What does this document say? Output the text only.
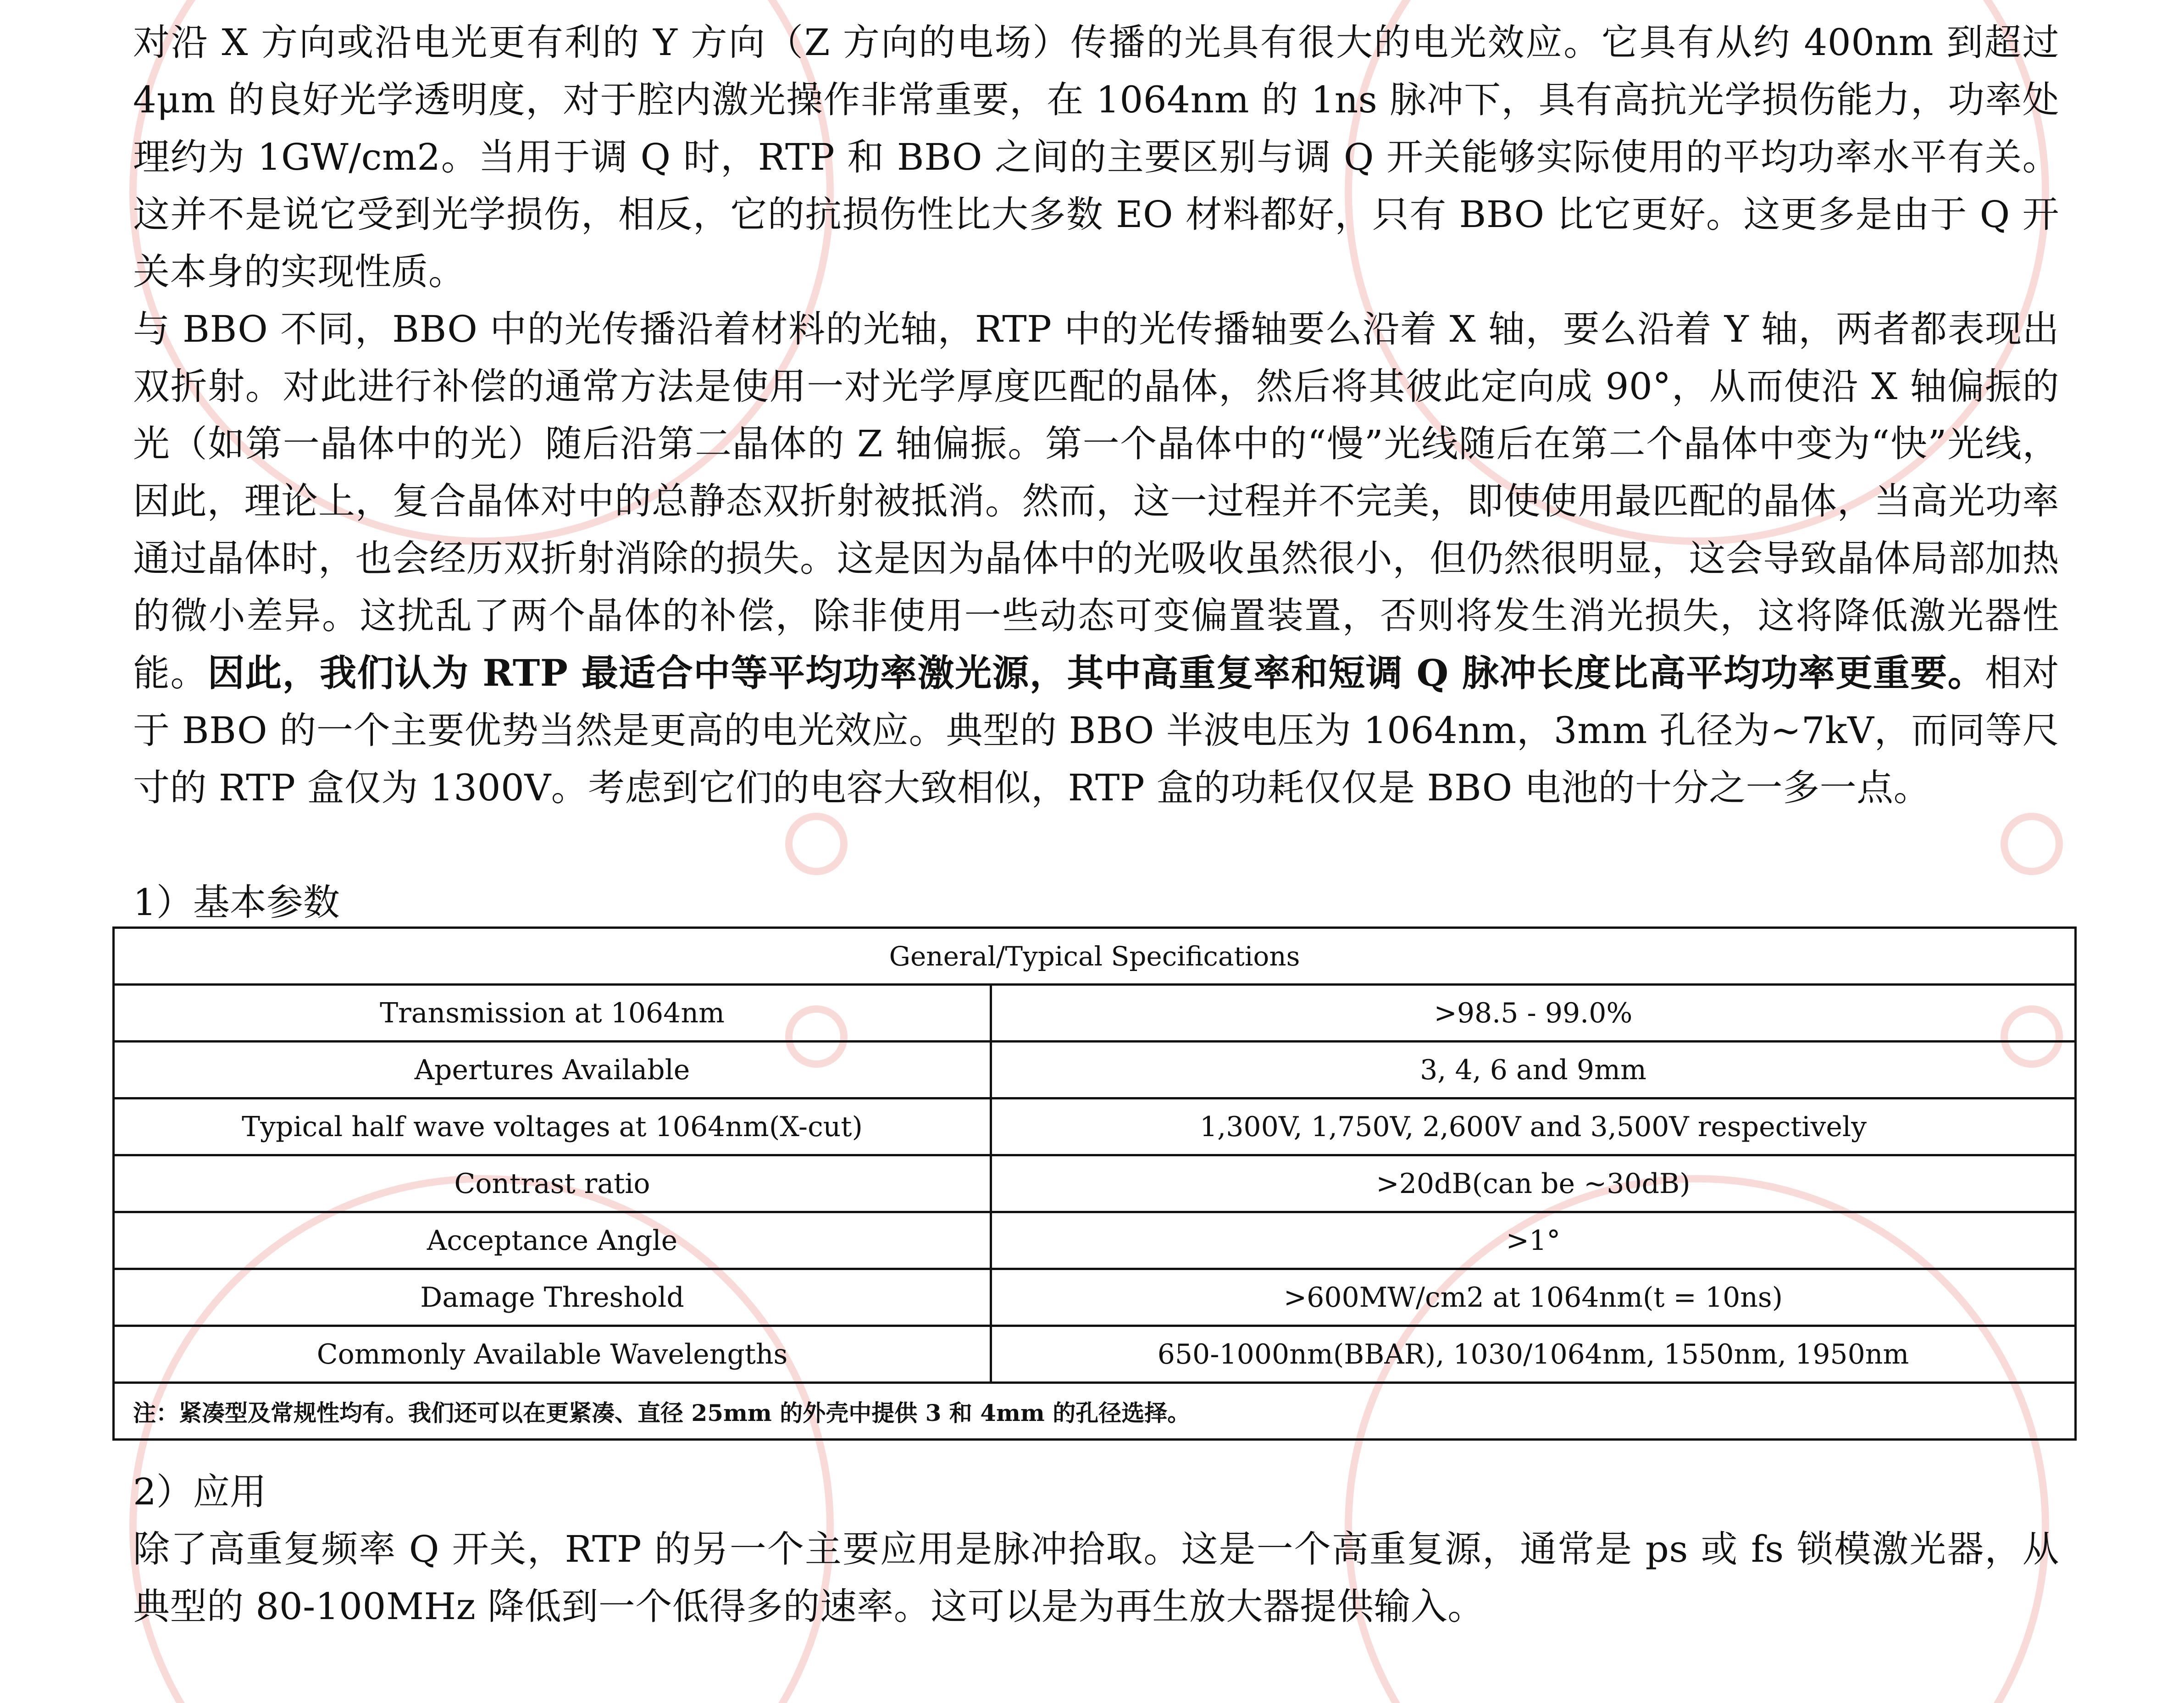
对沿 X 方向或沿电光更有利的 Y 方向（Z 方向的电场）传播的光具有很大的电光效应。它具有从约 400nm 到超过 4μm 的良好光学透明度，对于腔内激光操作非常重要，在 1064nm 的 1ns 脉冲下，具有高抗光学损伤能力，功率处理约为 1GW/cm2。当用于调 Q 时，RTP 和 BBO 之间的主要区别与调 Q 开关能够实际使用的平均功率水平有关。这并不是说它受到光学损伤，相反，它的抗损伤性比大多数 EO 材料都好，只有 BBO 比它更好。这更多是由于 Q 开关本身的实现性质。

与 BBO 不同，BBO 中的光传播沿着材料的光轴，RTP 中的光传播轴要么沿着 X 轴，要么沿着 Y 轴，两者都表现出双折射。对此进行补偿的通常方法是使用一对光学厚度匹配的晶体，然后将其彼此定向成 90°，从而使沿 X 轴偏振的光（如第一晶体中的光）随后沿第二晶体的 Z 轴偏振。第一个晶体中的“慢”光线随后在第二个晶体中变为“快”光线，因此，理论上，复合晶体对中的总静态双折射被抵消。然而，这一过程并不完美，即使使用最匹配的晶体，当高光功率通过晶体时，也会经历双折射消除的损失。这是因为晶体中的光吸收虽然很小，但仍然很明显，这会导致晶体局部加热的微小差异。这扰乱了两个晶体的补偿，除非使用一些动态可变偏置装置，否则将发生消光损失，这将降低激光器性能。因此，我们认为 RTP 最适合中等平均功率激光源，其中高重复率和短调 Q 脉冲长度比高平均功率更重要。相对于 BBO 的一个主要优势当然是更高的电光效应。典型的 BBO 半波电压为 1064nm，3mm 孔径为~7kV，而同等尺寸的 RTP 盒仅为 1300V。考虑到它们的电容大致相似，RTP 盒的功耗仅仅是 BBO 电池的十分之一多一点。

1）基本参数

General/Typical Specifications	
Transmission at 1064nm	>98.5 - 99.0%
Apertures Available	3, 4, 6 and 9mm
Typical half wave voltages at 1064nm(X-cut)	1,300V, 1,750V, 2,600V and 3,500V respectively
Contrast ratio	>20dB(can be ~30dB)
Acceptance Angle	>1°
Damage Threshold	>600MW/cm2 at 1064nm(t = 10ns)
Commonly Available Wavelengths	650-1000nm(BBAR), 1030/1064nm, 1550nm, 1950nm
注：紧凑型及常规性均有。我们还可以在更紧凑、直径 25mm 的外壳中提供 3 和 4mm 的孔径选择。	

2）应用

除了高重复频率 Q 开关，RTP 的另一个主要应用是脉冲拾取。这是一个高重复源，通常是 ps 或 fs 锁模激光器，从典型的 80-100MHz 降低到一个低得多的速率。这可以是为再生放大器提供输入。
